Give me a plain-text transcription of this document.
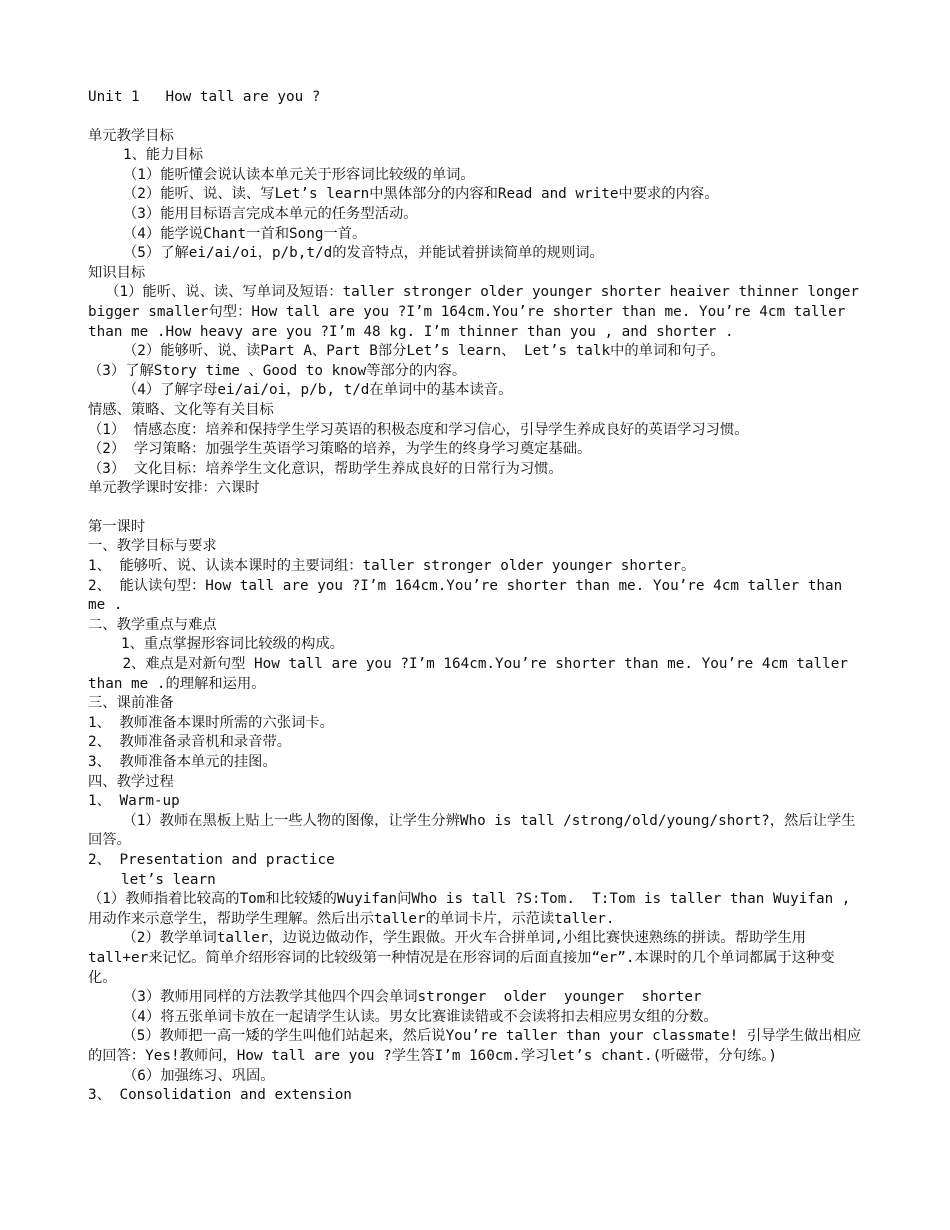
Unit 1   How tall are you ?

单元教学目标

1、能力目标

（1）能听懂会说认读本单元关于形容词比较级的单词。

（2）能听、说、读、写Let’s learn中黑体部分的内容和Read and write中要求的内容。

（3）能用目标语言完成本单元的任务型活动。

（4）能学说Chant一首和Song一首。

（5）了解ei/ai/oi，p/b,t/d的发音特点，并能试着拼读简单的规则词。

知识目标

（1）能听、说、读、写单词及短语：taller stronger older younger shorter heaiver thinner longer bigger smaller句型：How tall are you ?I’m 164cm.You’re shorter than me. You’re 4cm taller than me .How heavy are you ?I’m 48 kg. I’m thinner than you , and shorter .

（2）能够听、说、读Part A、Part B部分Let’s learn、 Let’s talk中的单词和句子。

（3）了解Story time 、Good to know等部分的内容。

（4）了解字母ei/ai/oi，p/b, t/d在单词中的基本读音。

情感、策略、文化等有关目标

（1） 情感态度：培养和保持学生学习英语的积极态度和学习信心，引导学生养成良好的英语学习习惯。

（2） 学习策略：加强学生英语学习策略的培养，为学生的终身学习奠定基础。

（3） 文化目标：培养学生文化意识，帮助学生养成良好的日常行为习惯。

单元教学课时安排：六课时

第一课时

一、教学目标与要求

1、 能够听、说、认读本课时的主要词组：taller stronger older younger shorter。

2、 能认读句型：How tall are you ?I’m 164cm.You’re shorter than me. You’re 4cm taller than me .

二、教学重点与难点

1、重点掌握形容词比较级的构成。

2、难点是对新句型 How tall are you ?I’m 164cm.You’re shorter than me. You’re 4cm taller than me .的理解和运用。

三、课前准备

1、 教师准备本课时所需的六张词卡。

2、 教师准备录音机和录音带。

3、 教师准备本单元的挂图。

四、教学过程

1、 Warm-up

（1）教师在黑板上贴上一些人物的图像，让学生分辨Who is tall /strong/old/young/short?，然后让学生回答。

2、 Presentation and practice

let’s learn

（1）教师指着比较高的Tom和比较矮的Wuyifan问Who is tall ?S:Tom.  T:Tom is taller than Wuyifan ,用动作来示意学生，帮助学生理解。然后出示taller的单词卡片，示范读taller.

（2）教学单词taller，边说边做动作，学生跟做。开火车合拼单词,小组比赛快速熟练的拼读。帮助学生用tall+er来记忆。简单介绍形容词的比较级第一种情况是在形容词的后面直接加“er”.本课时的几个单词都属于这种变化。

（3）教师用同样的方法教学其他四个四会单词stronger  older  younger  shorter

（4）将五张单词卡放在一起请学生认读。男女比赛谁读错或不会读将扣去相应男女组的分数。

（5）教师把一高一矮的学生叫他们站起来，然后说You’re taller than your classmate! 引导学生做出相应的回答：Yes!教师问，How tall are you ?学生答I’m 160cm.学习let’s chant.(听磁带，分句练。)

（6）加强练习、巩固。

3、 Consolidation and extension
